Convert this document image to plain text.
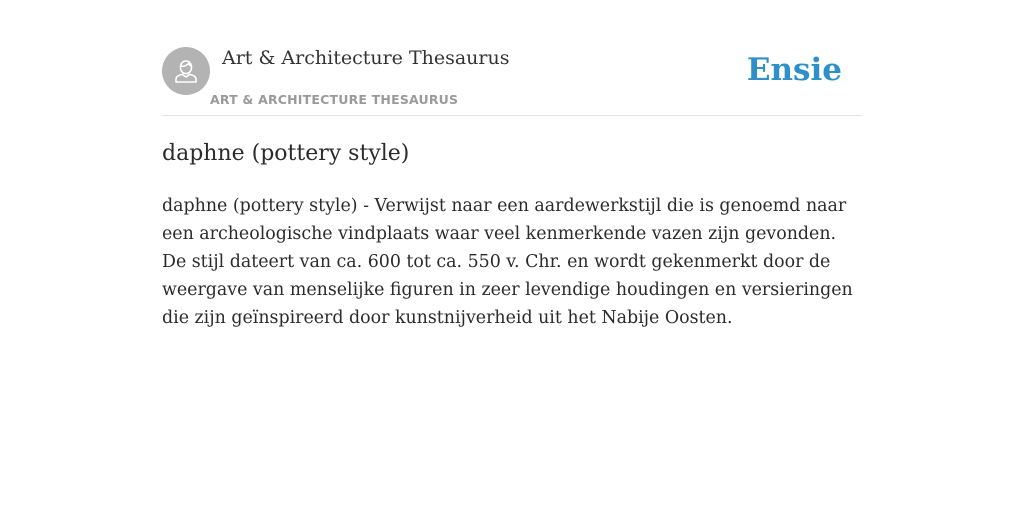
Art & Architecture Thesaurus
ART & ARCHITECTURE THESAURUS
Ensie
daphne (pottery style)

daphne (pottery style) - Verwijst naar een aardewerkstijl die is genoemd naar een archeologische vindplaats waar veel kenmerkende vazen zijn gevonden. De stijl dateert van ca. 600 tot ca. 550 v. Chr. en wordt gekenmerkt door de weergave van menselijke figuren in zeer levendige houdingen en versieringen die zijn geïnspireerd door kunstnijverheid uit het Nabije Oosten.
